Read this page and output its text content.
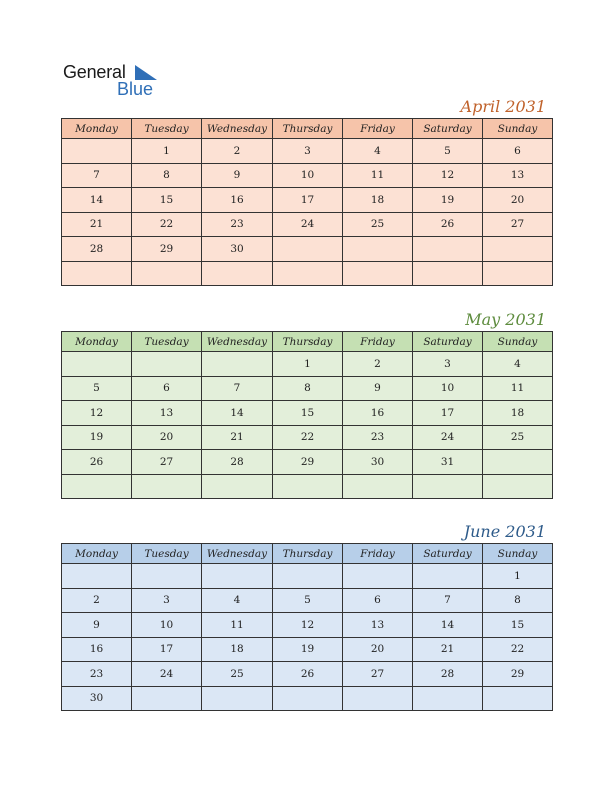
General
Blue
April 2031
Monday	Tuesday	Wednesday	Thursday	Friday	Saturday	Sunday
	1	2	3	4	5	6
7	8	9	10	11	12	13
14	15	16	17	18	19	20
21	22	23	24	25	26	27
28	29	30				

May 2031
Monday	Tuesday	Wednesday	Thursday	Friday	Saturday	Sunday
			1	2	3	4
5	6	7	8	9	10	11
12	13	14	15	16	17	18
19	20	21	22	23	24	25
26	27	28	29	30	31	

June 2031
Monday	Tuesday	Wednesday	Thursday	Friday	Saturday	Sunday
						1
2	3	4	5	6	7	8
9	10	11	12	13	14	15
16	17	18	19	20	21	22
23	24	25	26	27	28	29
30						
